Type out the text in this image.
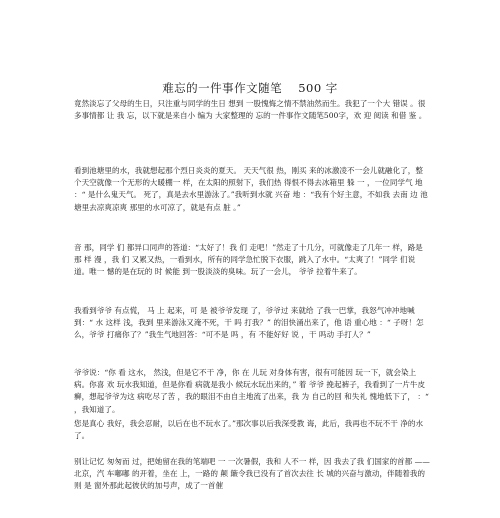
难忘的一件事作文随笔 500 字

竟然淡忘了父母的生日，只注重与同学的生日 想到 一股愧悔之情不禁油然而生。我犯了一个大 错误 。很多事情都 让 我 忘，以下就是来自小 编为 大家整理的 忘的一件事作文随笔500字，欢 迎 阅读 和借 鉴 。

看到池塘里的水，我就想起那个烈日炎炎的夏天。 天天气很 热，刚买 来的冰激凌不一会儿就融化了，整个天空就像一个无形的大暖棚一 样，在太阳的照射下，我们热 得恨不得去冰箱里 躲 一 ，一位同学气 地 ：“ 是什么鬼天气。 死了，真是去水里游泳了。”我听到水就 兴奋 地 ：“我有个好主意，不如我 去南 边 池塘里去凉爽凉爽 那里的水可凉了，就是有点 脏 。”

音 那，同学 们 都异口同声的答道：“太好了！我 们 走吧！”然走了十几分，可就像走了几年一 样，路是那 样 漫 ，我 们 又累又热，一看到水，所有的同学急忙脱下衣服，跳入了水中。“太爽了！”同学 们说 道。唯一 憾的是在玩的 时 候能 到一股淡淡的臭味。玩了一会儿， 爷爷 拉着牛来了。

我看到爷爷 有点慌， 马 上 起来，可 是 被爷爷发现 了，爷爷过 来就给 了我一巴掌，我怒气冲冲地喊到：“ 水 这样 浅，我到 里来游泳又淹不死，干 吗 打我？” 的泪快涌出来了，他 语 重心地 ：“ 子呀！怎么，爷爷 打痛你了？”我生气地回答：“可不是 吗 ，有 不能好好 说 ，干 吗动 手打人？”

爷爷说：“你 看 这水， 然浅，但是它不干 净，你 在 儿玩 对身体有害，很有可能因 玩一下，就会染上病。你喜 欢 玩水我知道，但是你看 病就是我小 候玩水玩出来的，” 着 爷爷 挽起裤子，我看到了一片牛皮 癣，想起爷爷为这 病吃尽了苦 ，我的眼泪不由自主地流了出来，我 为 自己的回 和失礼 愧地低下了， ：“ ，我知道了。

您是真心 我好，我会忍耐，以后在也不玩水了。”那次事以后我深受教 诲，此后，我再也不玩不干 净的水了。

别让记忆 匆匆而 过，把她留在我的笔端吧 一 一次暑假，我和 人不一 样，因 我去了我 们国家的首都 —— 北京，汽 车嘟嘟 的开着，坐在 上，一路的 颠 簸令我已没有了首次去往 长 城的兴奋与激动，伴随着我的 则 是 窗外那此起彼伏的加号声，成了一首催
